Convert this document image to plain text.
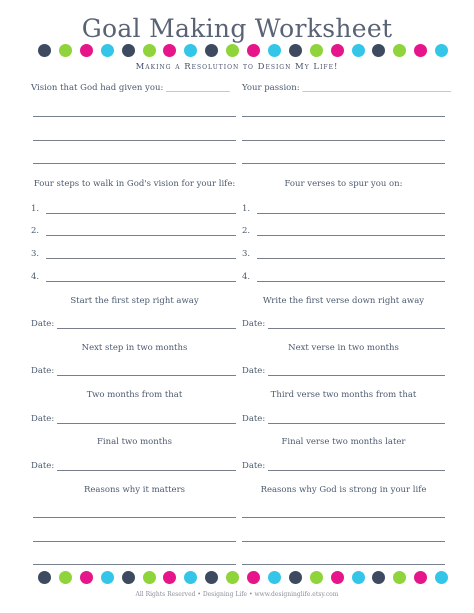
Goal Making Worksheet
Making a Resolution to Design My Life!
Vision that God had given you: _______________
Four steps to walk in God's vision for your life:
1.
2.
3.
4.
Start the first step right away
Date:
Next step in two months
Date:
Two months from that
Date:
Final two months
Date:
Reasons why it matters
Your passion: ___________________________________
Four verses to spur you on:
1.
2.
3.
4.
Write the first verse down right away
Date:
Next verse in two months
Date:
Third verse two months from that
Date:
Final verse two months later
Date:
Reasons why God is strong in your life
All Rights Reserved • Designing Life • www.designinglife.etsy.com
